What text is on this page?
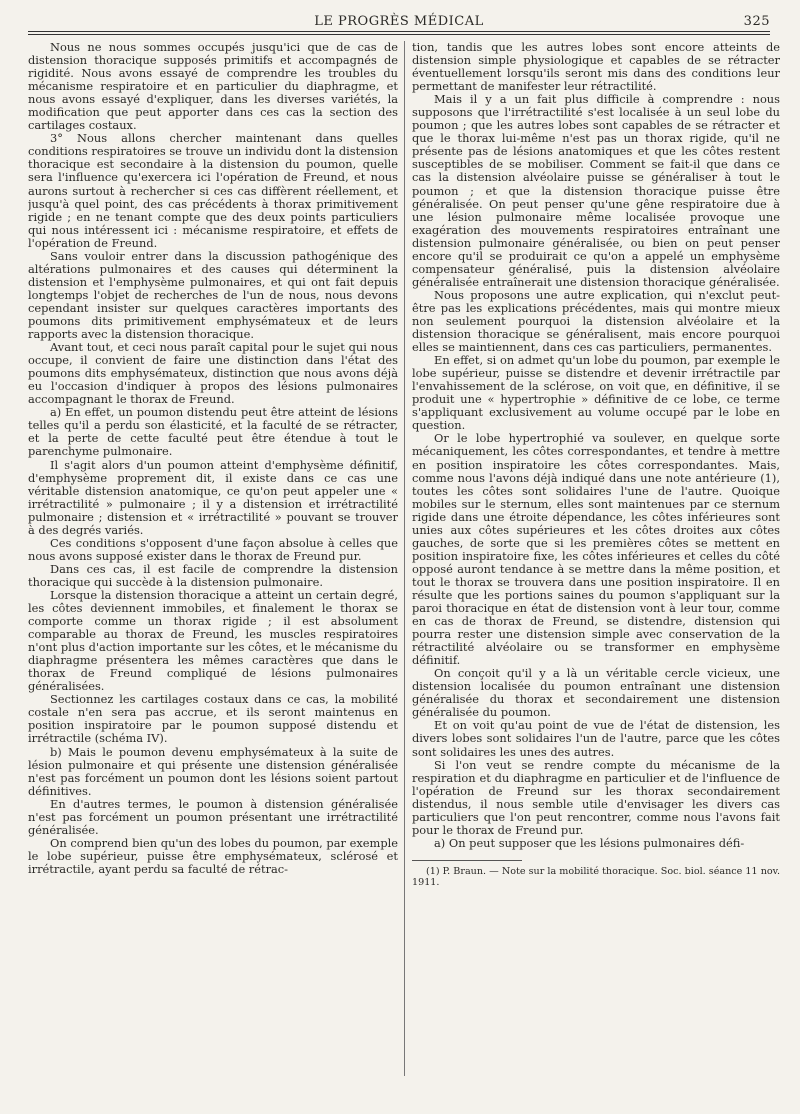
LE PROGRÈS MÉDICAL	325

Nous ne nous sommes occupés jusqu'ici que de cas de distension thoracique supposés primitifs et accompagnés de rigidité. Nous avons essayé de comprendre les troubles du mécanisme respiratoire et en particulier du diaphragme, et nous avons essayé d'expliquer, dans les diverses variétés, la modification que peut apporter dans ces cas la section des cartilages costaux.

3° Nous allons chercher maintenant dans quelles conditions respiratoires se trouve un individu dont la distension thoracique est secondaire à la distension du poumon, quelle sera l'influence qu'exercera ici l'opération de Freund, et nous aurons surtout à rechercher si ces cas diffèrent réellement, et jusqu'à quel point, des cas précédents à thorax primitivement rigide ; en ne tenant compte que des deux points particuliers qui nous intéressent ici : mécanisme respiratoire, et effets de l'opération de Freund.

Sans vouloir entrer dans la discussion pathogénique des altérations pulmonaires et des causes qui déterminent la distension et l'emphysème pulmonaires, et qui ont fait depuis longtemps l'objet de recherches de l'un de nous, nous devons cependant insister sur quelques caractères importants des poumons dits primitivement emphysémateux et de leurs rapports avec la distension thoracique.

Avant tout, et ceci nous paraît capital pour le sujet qui nous occupe, il convient de faire une distinction dans l'état des poumons dits emphysémateux, distinction que nous avons déjà eu l'occasion d'indiquer à propos des lésions pulmonaires accompagnant le thorax de Freund.

a) En effet, un poumon distendu peut être atteint de lésions telles qu'il a perdu son élasticité, et la faculté de se rétracter, et la perte de cette faculté peut être étendue à tout le parenchyme pulmonaire.

Il s'agit alors d'un poumon atteint d'emphysème définitif, d'emphysème proprement dit, il existe dans ce cas une véritable distension anatomique, ce qu'on peut appeler une « irrétractilité » pulmonaire ; il y a distension et irrétractilité pulmonaire ; distension et « irrétractilité » pouvant se trouver à des degrés variés.

Ces conditions s'opposent d'une façon absolue à celles que nous avons supposé exister dans le thorax de Freund pur.

Dans ces cas, il est facile de comprendre la distension thoracique qui succède à la distension pulmonaire.

Lorsque la distension thoracique a atteint un certain degré, les côtes deviennent immobiles, et finalement le thorax se comporte comme un thorax rigide ; il est absolument comparable au thorax de Freund, les muscles respiratoires n'ont plus d'action importante sur les côtes, et le mécanisme du diaphragme présentera les mêmes caractères que dans le thorax de Freund compliqué de lésions pulmonaires généralisées.

Sectionnez les cartilages costaux dans ce cas, la mobilité costale n'en sera pas accrue, et ils seront maintenus en position inspiratoire par le poumon supposé distendu et irrétractile (schéma IV).

b) Mais le poumon devenu emphysémateux à la suite de lésion pulmonaire et qui présente une distension généralisée n'est pas forcément un poumon dont les lésions soient partout définitives.

En d'autres termes, le poumon à distension généralisée n'est pas forcément un poumon présentant une irrétractilité généralisée.

On comprend bien qu'un des lobes du poumon, par exemple le lobe supérieur, puisse être emphysémateux, sclérosé et irrétractile, ayant perdu sa faculté de rétrac-

tion, tandis que les autres lobes sont encore atteints de distension simple physiologique et capables de se rétracter éventuellement lorsqu'ils seront mis dans des conditions leur permettant de manifester leur rétractilité.

Mais il y a un fait plus difficile à comprendre : nous supposons que l'irrétractilité s'est localisée à un seul lobe du poumon ; que les autres lobes sont capables de se rétracter et que le thorax lui-même n'est pas un thorax rigide, qu'il ne présente pas de lésions anatomiques et que les côtes restent susceptibles de se mobiliser. Comment se fait-il que dans ce cas la distension alvéolaire puisse se généraliser à tout le poumon ; et que la distension thoracique puisse être généralisée. On peut penser qu'une gêne respiratoire due à une lésion pulmonaire même localisée provoque une exagération des mouvements respiratoires entraînant une distension pulmonaire généralisée, ou bien on peut penser encore qu'il se produirait ce qu'on a appelé un emphysème compensateur généralisé, puis la distension alvéolaire généralisée entraînerait une distension thoracique généralisée.

Nous proposons une autre explication, qui n'exclut peut-être pas les explications précédentes, mais qui montre mieux non seulement pourquoi la distension alvéolaire et la distension thoracique se généralisent, mais encore pourquoi elles se maintiennent, dans ces cas particuliers, permanentes.

En effet, si on admet qu'un lobe du poumon, par exemple le lobe supérieur, puisse se distendre et devenir irrétractile par l'envahissement de la sclérose, on voit que, en définitive, il se produit une « hypertrophie » définitive de ce lobe, ce terme s'appliquant exclusivement au volume occupé par le lobe en question.

Or le lobe hypertrophié va soulever, en quelque sorte mécaniquement, les côtes correspondantes, et tendre à mettre en position inspiratoire les côtes correspondantes. Mais, comme nous l'avons déjà indiqué dans une note antérieure (1), toutes les côtes sont solidaires l'une de l'autre. Quoique mobiles sur le sternum, elles sont maintenues par ce sternum rigide dans une étroite dépendance, les côtes inférieures sont unies aux côtes supérieures et les côtes droites aux côtes gauches, de sorte que si les premières côtes se mettent en position inspiratoire fixe, les côtes inférieures et celles du côté opposé auront tendance à se mettre dans la même position, et tout le thorax se trouvera dans une position inspiratoire. Il en résulte que les portions saines du poumon s'appliquant sur la paroi thoracique en état de distension vont à leur tour, comme en cas de thorax de Freund, se distendre, distension qui pourra rester une distension simple avec conservation de la rétractilité alvéolaire ou se transformer en emphysème définitif.

On conçoit qu'il y a là un véritable cercle vicieux, une distension localisée du poumon entraînant une distension généralisée du thorax et secondairement une distension généralisée du poumon.

Et on voit qu'au point de vue de l'état de distension, les divers lobes sont solidaires l'un de l'autre, parce que les côtes sont solidaires les unes des autres.

Si l'on veut se rendre compte du mécanisme de la respiration et du diaphragme en particulier et de l'influence de l'opération de Freund sur les thorax secondairement distendus, il nous semble utile d'envisager les divers cas particuliers que l'on peut rencontrer, comme nous l'avons fait pour le thorax de Freund pur.

a) On peut supposer que les lésions pulmonaires défi-

(1) P. Braun. — Note sur la mobilité thoracique. Soc. biol. séance 11 nov. 1911.
